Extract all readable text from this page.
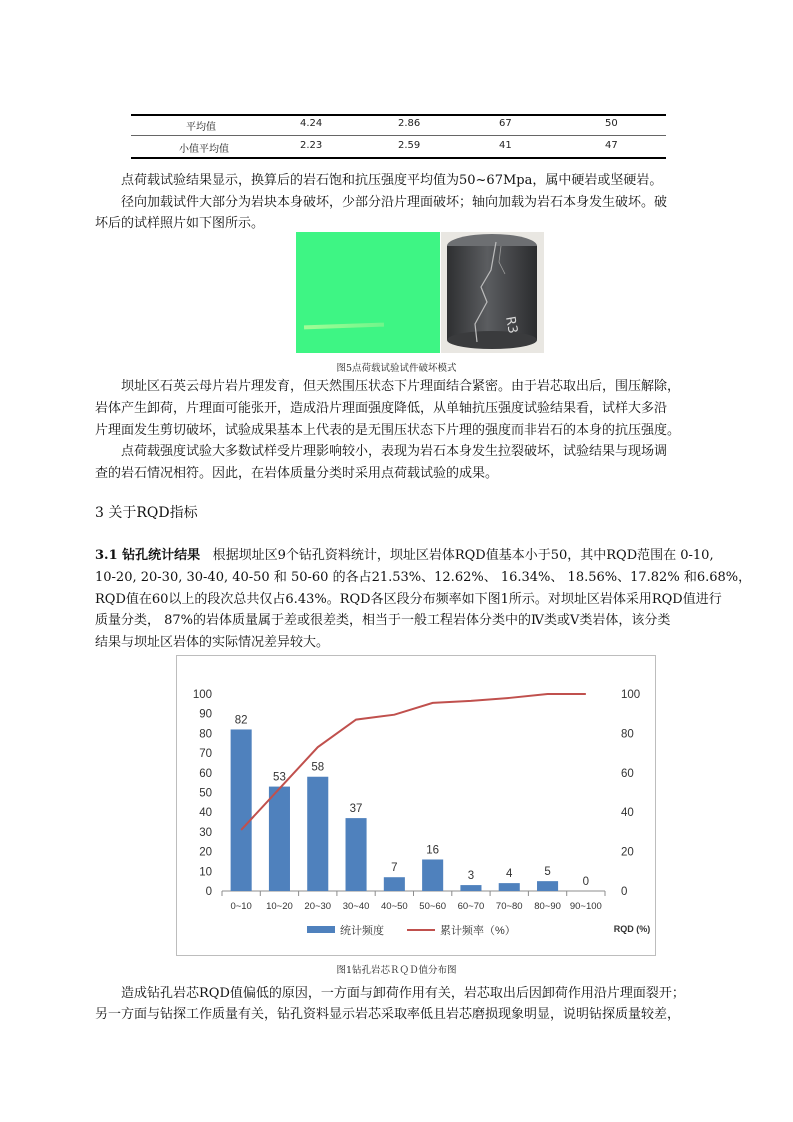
平均值	4.24	2.86	67	50
小值平均值	2.23	2.59	41	47
点荷载试验结果显示，换算后的岩石饱和抗压强度平均值为50~67Mpa，属中硬岩或坚硬岩。
径向加载试件大部分为岩块本身破坏，少部分沿片理面破坏；轴向加载为岩石本身发生破坏。破
坏后的试样照片如下图所示。
R3
图5点荷载试验试件破坏模式
坝址区石英云母片岩片理发育，但天然围压状态下片理面结合紧密。由于岩芯取出后，围压解除，
岩体产生卸荷，片理面可能张开，造成沿片理面强度降低，从单轴抗压强度试验结果看，试样大多沿
片理面发生剪切破坏，试验成果基本上代表的是无围压状态下片理的强度而非岩石的本身的抗压强度。
点荷载强度试验大多数试样受片理影响较小，表现为岩石本身发生拉裂破坏，试验结果与现场调
查的岩石情况相符。因此，在岩体质量分类时采用点荷载试验的成果。
3 关于RQD指标
3.1 钻孔统计结果 根据坝址区9个钻孔资料统计，坝址区岩体RQD值基本小于50，其中RQD范围在 0-10,
10-20, 20-30, 30-40, 40-50 和 50-60 的各占21.53%、12.62%、 16.34%、 18.56%、17.82% 和6.68%，
RQD值在60以上的段次总共仅占6.43%。RQD各区段分布频率如下图1所示。对坝址区岩体采用RQD值进行
质量分类， 87%的岩体质量属于差或很差类，相当于一般工程岩体分类中的Ⅳ类或Ⅴ类岩体，该分类
结果与坝址区岩体的实际情况差异较大。
0
10
20
30
40
50
60
70
80
90
100
0
20
40
60
80
100
82
53
58
37
7
16
3	4	5
0
0~10 10~20 20~30 30~40 40~50 50~60 60~70 70~80 80~90 90~100
RQD (%)
统计频度	累计频率（%）
图1钻孔岩芯ＲＱＤ值分布图
造成钻孔岩芯RQD值偏低的原因，一方面与卸荷作用有关，岩芯取出后因卸荷作用沿片理面裂开；
另一方面与钻探工作质量有关，钻孔资料显示岩芯采取率低且岩芯磨损现象明显，说明钻探质量较差，
